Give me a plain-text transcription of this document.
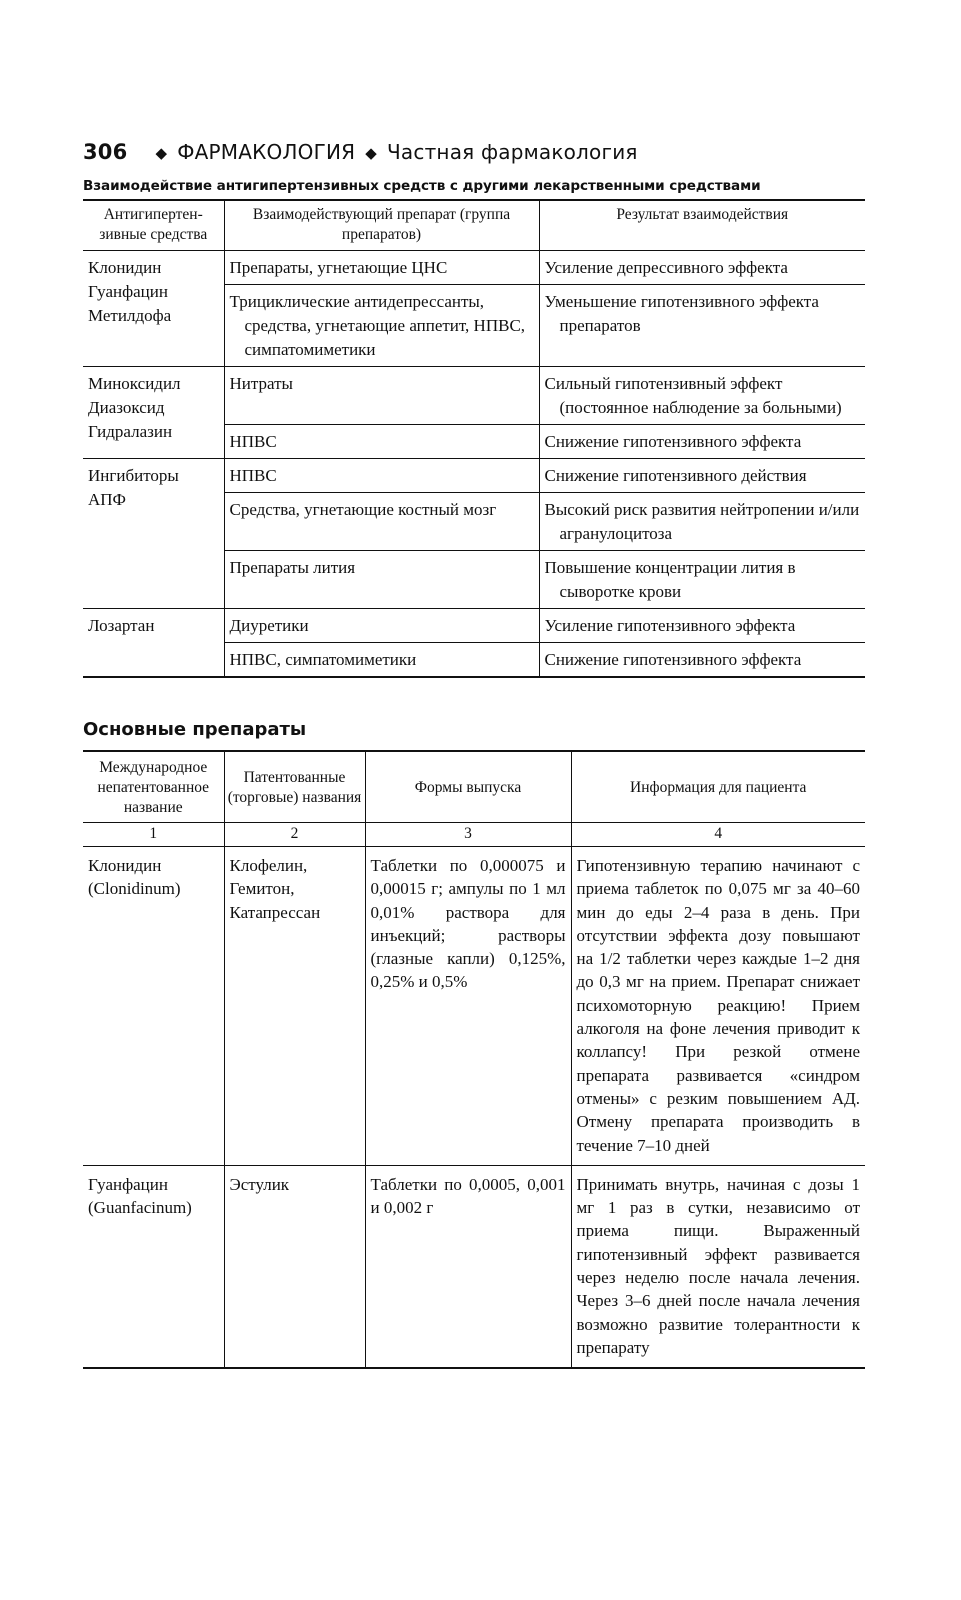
306 ◆ ФАРМАКОЛОГИЯ ◆ Частная фармакология
Взаимодействие антигипертензивных средств с другими лекарственными средствами
Антигипертен-зивные средства	Взаимодействующий препарат (группа препаратов)	Результат взаимодействия
Клонидин Гуанфацин Метилдофа	Препараты, угнетающие ЦНС	Усиление депрессивного эффекта
	Трициклические антидепрессанты, средства, угнетающие аппетит, НПВС, симпатомиметики	Уменьшение гипотензивного эффекта препаратов
Миноксидил Диазоксид Гидралазин	Нитраты	Сильный гипотензивный эффект (постоянное наблюдение за больными)
	НПВС	Снижение гипотензивного эффекта
Ингибиторы АПФ	НПВС	Снижение гипотензивного действия
	Средства, угнетающие костный мозг	Высокий риск развития нейтропении и/или агранулоцитоза
	Препараты лития	Повышение концентрации лития в сыворотке крови
Лозартан	Диуретики	Усиление гипотензивного эффекта
	НПВС, симпатомиметики	Снижение гипотензивного эффекта
Основные препараты
Международное непатентованное название	Патентованные (торговые) названия	Формы выпуска	Информация для пациента
1	2	3	4
Клонидин (Clonidinum)	Клофелин, Гемитон, Катапрессан	Таблетки по 0,000075 и 0,00015 г; ампулы по 1 мл 0,01% раствора для инъекций; растворы (глазные капли) 0,125%, 0,25% и 0,5%	Гипотензивную терапию начинают с приема таблеток по 0,075 мг за 40–60 мин до еды 2–4 раза в день. При отсутствии эффекта дозу повышают на 1/2 таблетки через каждые 1–2 дня до 0,3 мг на прием. Препарат снижает психомоторную реакцию! Прием алкоголя на фоне лечения приводит к коллапсу! При резкой отмене препарата развивается «синдром отмены» с резким повышением АД. Отмену препарата производить в течение 7–10 дней
Гуанфацин (Guanfacinum)	Эстулик	Таблетки по 0,0005, 0,001 и 0,002 г	Принимать внутрь, начиная с дозы 1 мг 1 раз в сутки, независимо от приема пищи. Выраженный гипотензивный эффект развивается через неделю после начала лечения. Через 3–6 дней после начала лечения возможно развитие толерантности к препарату
